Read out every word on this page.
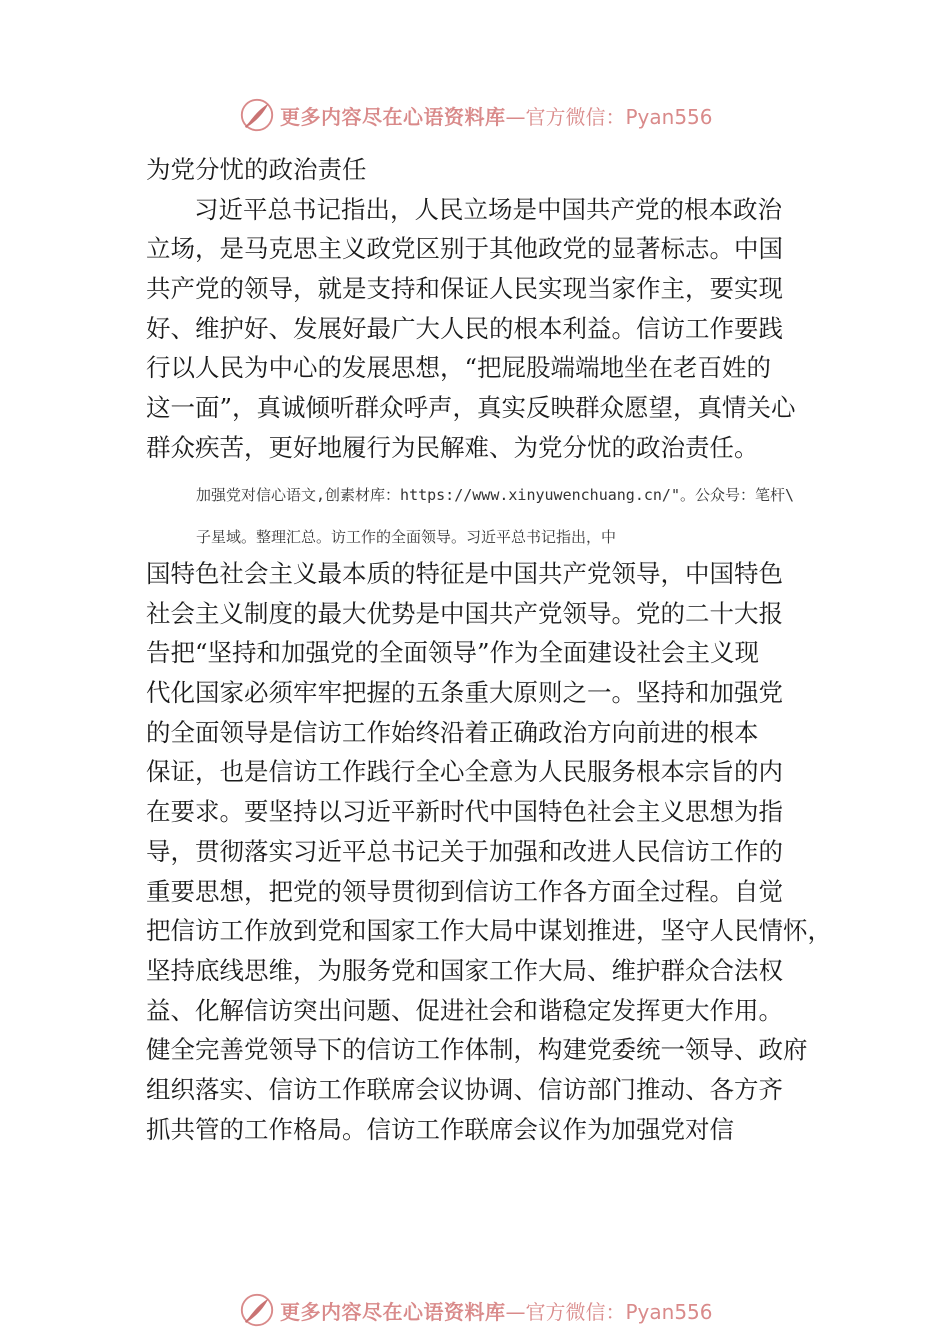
更多内容尽在心语资料库 —官方微信：Pyan556
为党分忧的政治责任
习近平总书记指出，人民立场是中国共产党的根本政治
立场，是马克思主义政党区别于其他政党的显著标志。中国
共产党的领导，就是支持和保证人民实现当家作主，要实现
好、维护好、发展好最广大人民的根本利益。信访工作要践
行以人民为中心的发展思想，“把屁股端端地坐在老百姓的
这一面”，真诚倾听群众呼声，真实反映群众愿望，真情关心
群众疾苦，更好地履行为民解难、为党分忧的政治责任。
加强党对信心语文,创素材库：https://www.xinyuwenchuang.cn/"。公众号：笔杆\
子星域。整理汇总。访工作的全面领导。习近平总书记指出，中
国特色社会主义最本质的特征是中国共产党领导，中国特色
社会主义制度的最大优势是中国共产党领导。党的二十大报
告把“坚持和加强党的全面领导”作为全面建设社会主义现
代化国家必须牢牢把握的五条重大原则之一。坚持和加强党
的全面领导是信访工作始终沿着正确政治方向前进的根本
保证，也是信访工作践行全心全意为人民服务根本宗旨的内
在要求。要坚持以习近平新时代中国特色社会主义思想为指
导，贯彻落实习近平总书记关于加强和改进人民信访工作的
重要思想，把党的领导贯彻到信访工作各方面全过程。自觉
把信访工作放到党和国家工作大局中谋划推进，坚守人民情怀，
坚持底线思维，为服务党和国家工作大局、维护群众合法权
益、化解信访突出问题、促进社会和谐稳定发挥更大作用。
健全完善党领导下的信访工作体制，构建党委统一领导、政府
组织落实、信访工作联席会议协调、信访部门推动、各方齐
抓共管的工作格局。信访工作联席会议作为加强党对信
更多内容尽在心语资料库 —官方微信：Pyan556
